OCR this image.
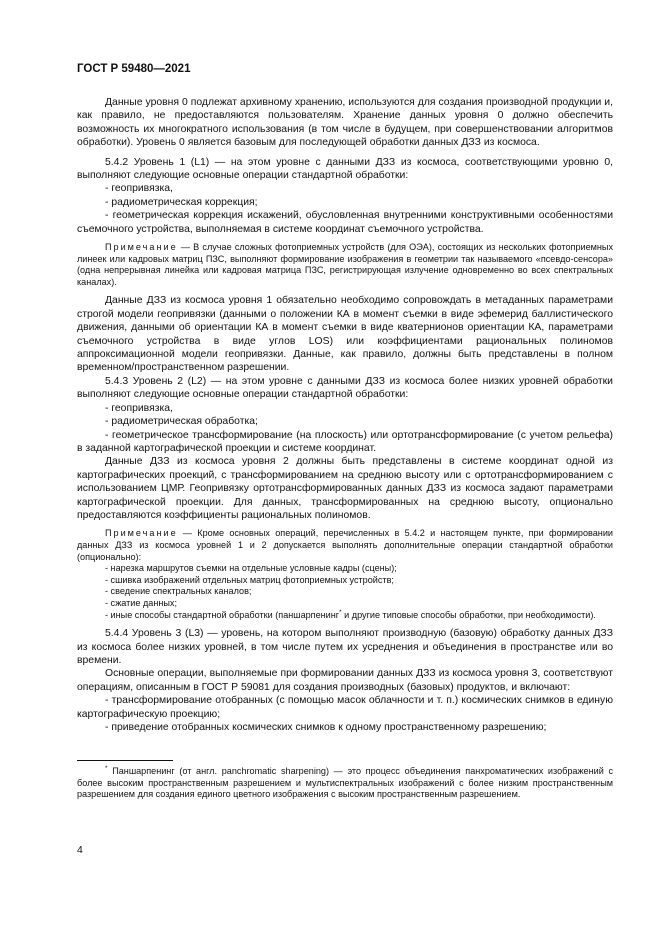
ГОСТ Р 59480—2021

Данные уровня 0 подлежат архивному хранению, используются для создания производной продукции и, как правило, не предоставляются пользователям. Хранение данных уровня 0 должно обеспечить возможность их многократного использования (в том числе в будущем, при совершенствовании алгоритмов обработки). Уровень 0 является базовым для последующей обработки данных ДЗЗ из космоса.

5.4.2 Уровень 1 (L1) — на этом уровне с данными ДЗЗ из космоса, соответствующими уровню 0, выполняют следующие основные операции стандартной обработки:

- геопривязка,

- радиометрическая коррекция;

- геометрическая коррекция искажений, обусловленная внутренними конструктивными особенностями съемочного устройства, выполняемая в системе координат съемочного устройства.

Примечание — В случае сложных фотоприемных устройств (для ОЭА), состоящих из нескольких фотоприемных линеек или кадровых матриц ПЗС, выполняют формирование изображения в геометрии так называемого «псевдо-сенсора» (одна непрерывная линейка или кадровая матрица ПЗС, регистрирующая излучение одновременно во всех спектральных каналах).

Данные ДЗЗ из космоса уровня 1 обязательно необходимо сопровождать в метаданных параметрами строгой модели геопривязки (данными о положении КА в момент съемки в виде эфемерид баллистического движения, данными об ориентации КА в момент съемки в виде кватернионов ориентации КА, параметрами съемочного устройства в виде углов LOS) или коэффициентами рациональных полиномов аппроксимационной модели геопривязки. Данные, как правило, должны быть представлены в полном временном/пространственном разрешении.

5.4.3 Уровень 2 (L2) — на этом уровне с данными ДЗЗ из космоса более низких уровней обработки выполняют следующие основные операции стандартной обработки:

- геопривязка,

- радиометрическая обработка;

- геометрическое трансформирование (на плоскость) или ортотрансформирование (с учетом рельефа) в заданной картографической проекции и системе координат.

Данные ДЗЗ из космоса уровня 2 должны быть представлены в системе координат одной из картографических проекций, с трансформированием на среднюю высоту или с ортотрансформированием с использованием ЦМР. Геопривязку ортотрансформированных данных ДЗЗ из космоса задают параметрами картографической проекции. Для данных, трансформированных на среднюю высоту, опционально предоставляются коэффициенты рациональных полиномов.

Примечание — Кроме основных операций, перечисленных в 5.4.2 и настоящем пункте, при формировании данных ДЗЗ из космоса уровней 1 и 2 допускается выполнять дополнительные операции стандартной обработки (опционально):

- нарезка маршрутов съемки на отдельные условные кадры (сцены);

- сшивка изображений отдельных матриц фотоприемных устройств;

- сведение спектральных каналов;

- сжатие данных;

- иные способы стандартной обработки (паншарпенинг* и другие типовые способы обработки, при необходимости).

5.4.4 Уровень 3 (L3) — уровень, на котором выполняют производную (базовую) обработку данных ДЗЗ из космоса более низких уровней, в том числе путем их усреднения и объединения в пространстве или во времени.

Основные операции, выполняемые при формировании данных ДЗЗ из космоса уровня 3, соответствуют операциям, описанным в ГОСТ Р 59081 для создания производных (базовых) продуктов, и включают:

- трансформирование отобранных (с помощью масок облачности и т. п.) космических снимков в единую картографическую проекцию;

- приведение отобранных космических снимков к одному пространственному разрешению;

* Паншарпенинг (от англ. panchromatic sharpening) — это процесс объединения панхроматических изображений с более высоким пространственным разрешением и мультиспектральных изображений с более низким пространственным разрешением для создания единого цветного изображения с высоким пространственным разрешением.

4
